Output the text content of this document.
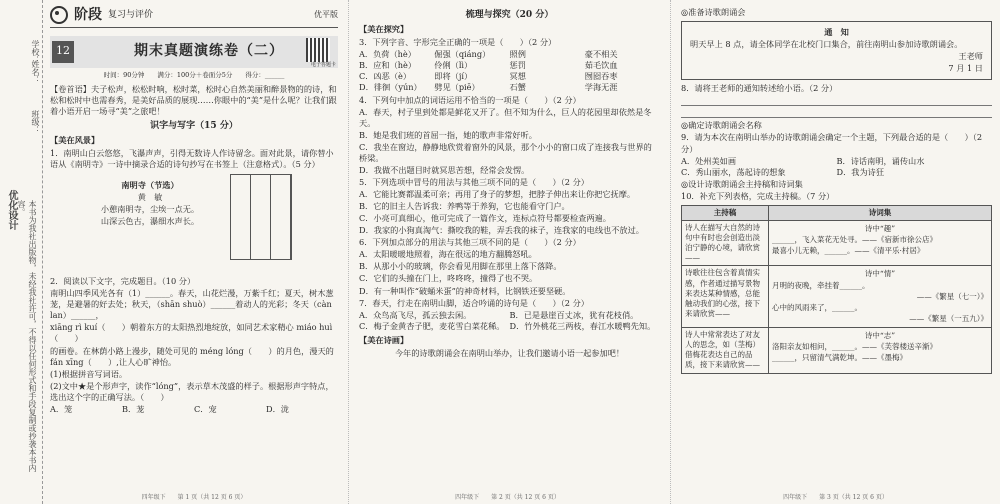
学校：
班级：
姓名：
优化设计	本书为我社出版物，未经我社许可，不得以任何形式和手段复制或抄袭本书内容。
阶段 复习与评价	优平版
12	期末真题演练卷（二）
电子答题卡
时间：90分钟　　满分：100分＋卷面分5分　　得分：______

【卷首语】夫子松声，松松时响，松时菜，松时心自然美丽和醉景物的的诗，和松和松时中也需春秀，是美好品质的展现……你眼中的“美”是什么呢？让我们跟着小语开启一场寻“美”之旅吧！

识字与写字（15 分）
【美在风景】

1．南明山白云悠悠，飞瀑声声，引得无数诗人作诗留念。面对此景，请你替小语从《南明寺》一诗中摘录合适的诗句抄写在书签上（注意格式）。（5 分）

南明寺（节选）

黄　敏

小憩南明寺，尘埃一点无。

山深云色古，瀑细水声长。

2．阅读以下文字，完成题目。（10 分）

南明山四季风光各有（1）______。春天，山花烂漫，万紫千红；夏天，树木葱茏，是避暑的好去处；秋天，（shān shuò）______着动人的光彩；冬天（càn lan）______，

xiāng rì kuí（　　）朝着东方的太阳热烈地绽放，如同艺术家精心 miáo huì（　　）

的画卷。在林荫小路上漫步，随处可见的 méng lóng（　　）的月色，漫天的 fán xīng（　　）,让人心旷神怡。

(1)根据拼音写词语。

(2)文中★是个形声字，读作“lóng”，表示草木茂盛的样子。根据形声字特点，选出这个字的正确写法。（　　）

A．笼	B．茏	C．宠	D．泷
四年级下　　第 1 页（共 12 页 6 页）
梳理与探究（20 分）
【美在探究】

3．下列字音、字形完全正确的一项是（　　）（2 分）

A．负荷（hè）	倔强（qiáng）	照例	豪不相关
B．应和（hè）	伶俐（lì）	惩罚	茹毛饮血
C．凶恶（è）	即将（jí）	冥想	囫囵吞枣
D．徘徊（yún）	劈见（piē）	石蟹	学海无涯

4．下列句中加点的词语运用不恰当的一项是（　　）（2 分）

A．春天，村子里到处都是鲜花又开了。但不知为什么，巨人的花园里却依然是冬天。

B．她是我们班的首屈一指，她的歌声非常好听。

C．我坐在窗边，静静地欣赏着窗外的风景，那个小小的窗口成了连接我与世界的桥梁。

D．我做不出题目时就冥思苦想，经常会发愣。

5．下列选项中冒号的用法与其他三项不同的是（　　）（2 分）

A．它能比赛都温柔可亲；再用了身子的梦想，把脖子伸出来让你把它抚摩。

B．它的旧主人告诉我：养鸭等于养狗，它也能看守门户。

C．小亮可真细心，他可完成了一篇作文，连标点符号都要检查两遍。

D．我家的小狗真淘气：撕咬我的鞋，弄丢我的袜子，连我家的电线也不放过。

6．下列加点部分的用法与其他三项不同的是（　　）（2 分）

A．太阳暖暖地照着，海在很远的地方翻腾怒吼。

B．从那小小的玻璃，你会看见用脚在那里上落下落降。

C．它们的头撞在门上，咚咚咚，撞得了也不哭。

D．有一种叫作“破蛹米蛋”的神奇材料，比钢铁还要坚硬。

7．春天，行走在南明山脚，适合吟诵的诗句是（　　）（2 分）

A．众鸟高飞尽，孤云独去闲。	B．已是悬崖百丈冰，犹有花枝俏。
C．梅子金黄杏子肥，麦花雪白菜花稀。 D．竹外桃花三两枝，春江水暖鸭先知。
【美在诗画】

今年的诗歌朗诵会在南明山举办，让我们邀请小语一起参加吧！

四年级下　　第 2 页（共 12 页 6 页）

◎准备诗歌朗诵会

通　知

明天早上 8 点，请全体同学在北校门口集合，前往南明山参加诗歌朗诵会。

王老师

7 月 1 日

8．请将王老师的通知转述给小语。（2 分）

◎确定诗歌朗诵会名称

9．请为本次在南明山举办的诗歌朗诵会确定一个主题，下列最合适的是（　　）（2 分）

A．处州美如画	B．诗话南明，诵传山水
C．秀山丽水，荡起诗的想象	D．我为诗狂

◎设计诗歌朗诵会主持稿和诗词集

10．补充下列表格，完成主持稿。（7 分）

主持稿	诗词集
诗人在描写大自然的诗句中有时也会创造出淡泊宁静的心境，请欣赏——	诗中“趣”

______，飞入菜花无处寻。——《宿新市徐公店》

最喜小儿无赖，______。——《清平乐·村居》

诗歌往往包含着真情实感，作者通过描写景物来表达某种情感，总能触动我们的心弦，接下来请欣赏——	诗中“情”

月明的夜晚，牵挂着______。

——《繁星（七一）》

心中的风雨来了，______。

——《繁星（一五九）》

诗人中常常表达了对友人的思念，如（茎梅）借梅花表达自己的品质，接下来请欣赏——	诗中“志”

洛阳亲友如相问，______。——《芙蓉楼送辛渐》

______，只留清气满乾坤。——《墨梅》

四年级下　　第 3 页（共 12 页 6 页）
